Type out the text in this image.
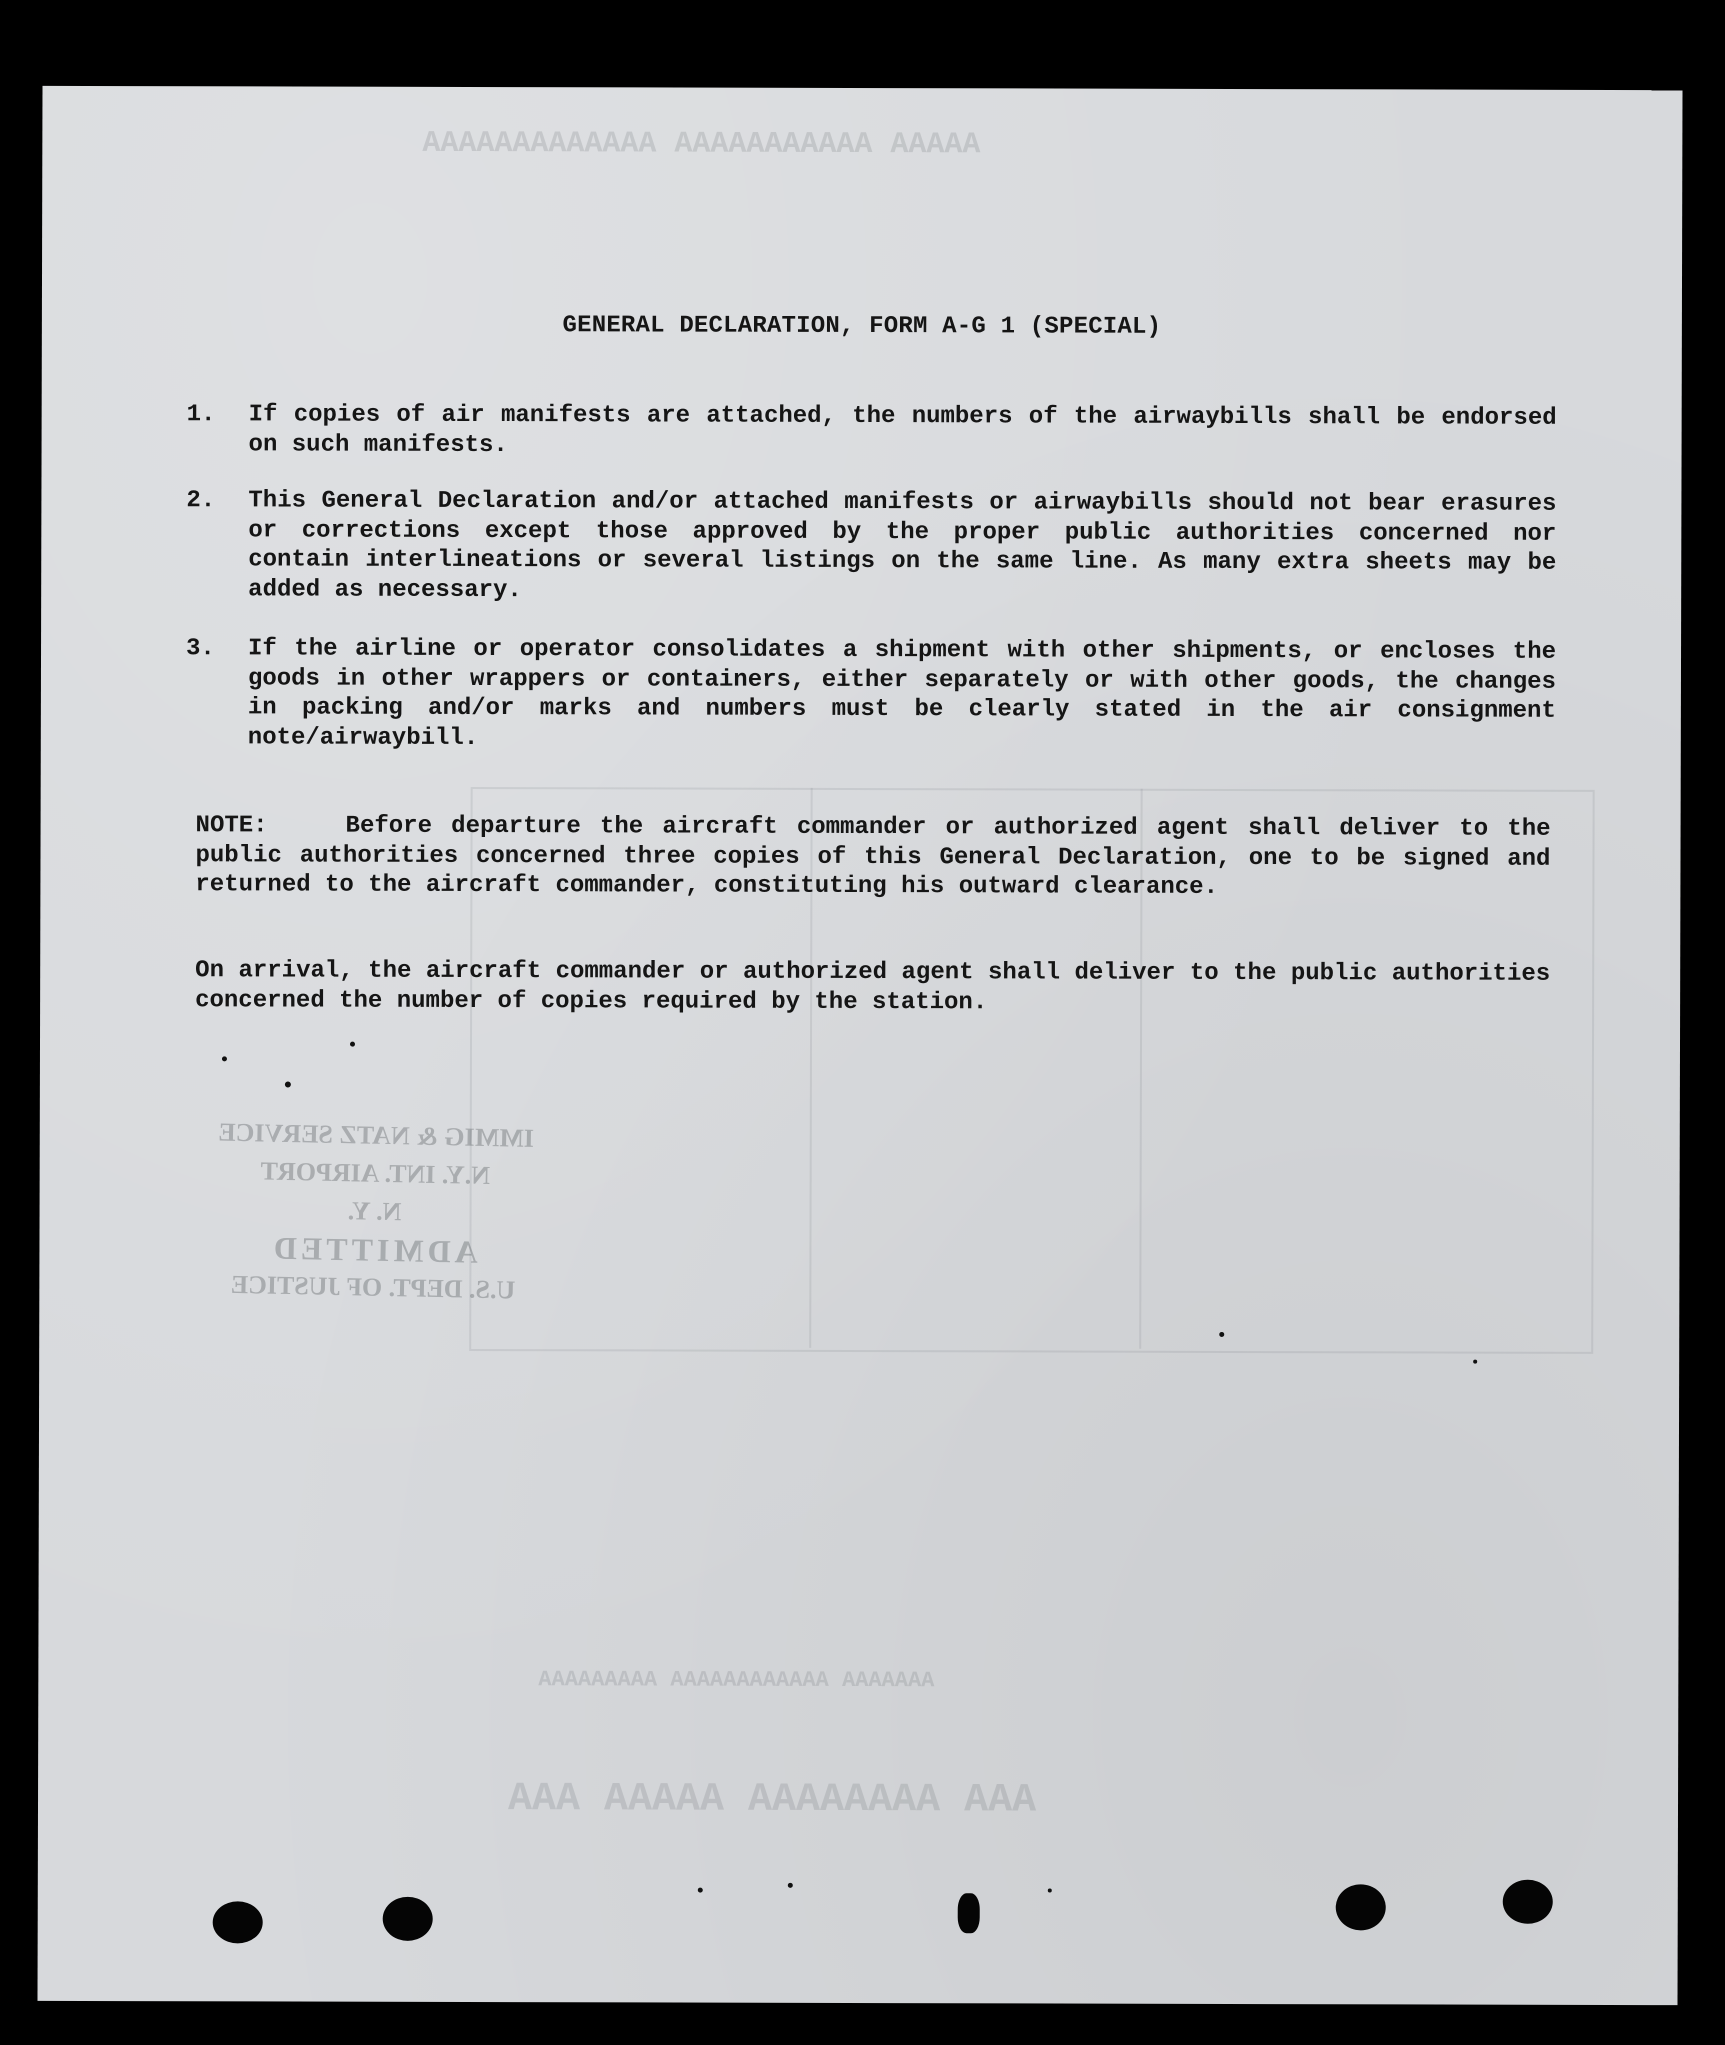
AAAAA AAAAAAAAAAA AAAAAAAAAAAAA
AAAAAAA AAAAAAAAAAAA AAAAAAAAA
AAA AAAAAAAA AAAAA AAA
IMMIG & NATZ SERVICE
N.Y. INT. AIRPORT
N. Y.
ADMITTED
U.S. DEPT. OF JUSTICE
GENERAL DECLARATION, FORM A-G 1 (SPECIAL)
1. If copies of air manifests are attached, the numbers of the airwaybills shall be endorsed on such manifests.
2. This General Declaration and/or attached manifests or airwaybills should not bear erasures or corrections except those approved by the proper public authorities concerned nor contain interlineations or several listings on the same line. As many extra sheets may be added as necessary.
3. If the airline or operator consolidates a shipment with other shipments, or encloses the goods in other wrappers or containers, either separately or with other goods, the changes in packing and/or marks and numbers must be clearly stated in the air consignment note/airwaybill.
NOTE:	Before departure the aircraft commander or authorized agent shall deliver to the public authorities concerned three copies of this General Declaration, one to be signed and returned to the aircraft commander, constituting his outward clearance.
On arrival, the aircraft commander or authorized agent shall deliver to the public authorities concerned the number of copies required by the station.
